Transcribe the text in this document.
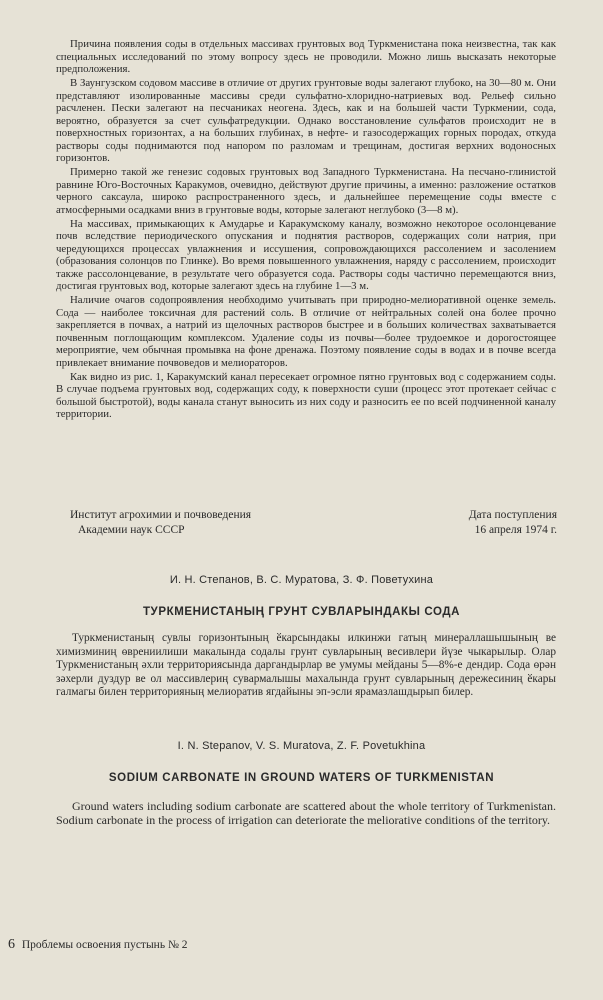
Причина появления соды в отдельных массивах грунтовых вод Туркменистана пока неизвестна, так как специальных исследований по этому вопросу здесь не проводили. Можно лишь высказать некоторые предположения.

В Заунгузском содовом массиве в отличие от других грунтовые воды залегают глубоко, на 30—80 м. Они представляют изолированные массивы среди сульфатно-хлоридно-натриевых вод. Рельеф сильно расчленен. Пески залегают на песчаниках неогена. Здесь, как и на большей части Туркмении, сода, вероятно, образуется за счет сульфатредукции. Однако восстановление сульфатов происходит не в поверхностных горизонтах, а на больших глубинах, в нефте- и газосодержащих горных породах, откуда растворы соды поднимаются под напором по разломам и трещинам, достигая верхних водоносных горизонтов.

Примерно такой же генезис содовых грунтовых вод Западного Туркменистана. На песчано-глинистой равнине Юго-Восточных Каракумов, очевидно, действуют другие причины, а именно: разложение остатков черного саксаула, широко распространенного здесь, и дальнейшее перемещение соды вместе с атмосферными осадками вниз в грунтовые воды, которые залегают неглубоко (3—8 м).

На массивах, примыкающих к Амударье и Каракумскому каналу, возможно некоторое осолонцевание почв вследствие периодического опускания и поднятия растворов, содержащих соли натрия, при чередующихся процессах увлажнения и иссушения, сопровождающихся рассолением и засолением (образования солонцов по Глинке). Во время повышенного увлажнения, наряду с рассолением, происходит также рассолонцевание, в результате чего образуется сода. Растворы соды частично перемещаются вниз, достигая грунтовых вод, которые залегают здесь на глубине 1—3 м.

Наличие очагов содопроявления необходимо учитывать при природно-мелиоративной оценке земель. Сода — наиболее токсичная для растений соль. В отличие от нейтральных солей она более прочно закрепляется в почвах, а натрий из щелочных растворов быстрее и в больших количествах захватывается почвенным поглощающим комплексом. Удаление соды из почвы—более трудоемкое и дорогостоящее мероприятие, чем обычная промывка на фоне дренажа. Поэтому появление соды в водах и в почве всегда привлекает внимание почвоведов и мелиораторов.

Как видно из рис. 1, Каракумский канал пересекает огромное пятно грунтовых вод с содержанием соды. В случае подъема грунтовых вод, содержащих соду, к поверхности суши (процесс этот протекает сейчас с большой быстротой), воды канала станут выносить из них соду и разносить ее по всей подчиненной каналу территории.

Институт агрохимии и почвоведения
Академии наук СССР
Дата поступления
16 апреля 1974 г.
И. Н. Степанов, В. С. Муратова, З. Ф. Поветухина
ТУРКМЕНИСТАНЫҢ ГРУНТ СУВЛАРЫНДАКЫ СОДА

Туркменистаның сувлы горизонтының ӗкарсындакы илкинжи гатың минераллашышының ве химизминиң өврениилиши макалында содалы грунт сувларының весивлери йүзе чыкарылыр. Олар Туркменистаның әхли территориясында даргандырлар ве умумы мейданы 5—8%-е дендир. Сода өрән зәхерли дуздур ве ол массивлериң сувармалышы махалында грунт сувларының дережесиниң ӗкары галмагы билен территорияның мелиоратив ягдайыны эп-эсли ярамазлашдырып билер.

I. N. Stepanov, V. S. Muratova, Z. F. Povetukhina
SODIUM CARBONATE IN GROUND WATERS OF TURKMENISTAN

Ground waters including sodium carbonate are scattered about the whole territory of Turkmenistan. Sodium carbonate in the process of irrigation can deteriorate the meliorative conditions of the territory.

6 Проблемы освоения пустынь № 2
